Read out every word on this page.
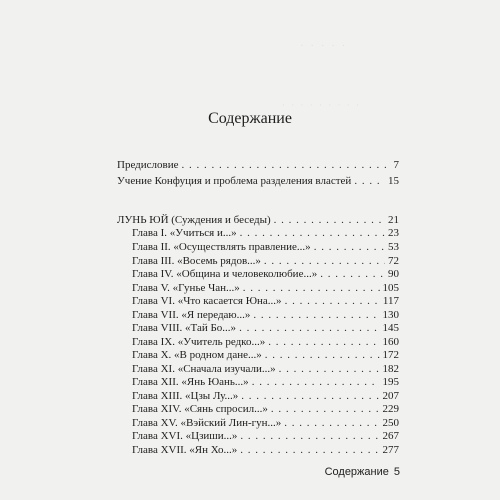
· · · · ·
· · · · · · · · ·
Содержание
Предисловие . . .	7
Учение Конфуция и проблема разделения властей . . .	15
ЛУНЬ ЮЙ (Суждения и беседы) . . .	21
Глава I. «Учиться и...» . . .	23
Глава II. «Осуществлять правление...» . . .	53
Глава III. «Восемь рядов...» . . .	72
Глава IV. «Община и человеколюбие...» . . .	90
Глава V. «Гунье Чан...» . . .	105
Глава VI. «Что касается Юна...» . . .	117
Глава VII. «Я передаю...» . . .	130
Глава VIII. «Тай Бо...» . . .	145
Глава IX. «Учитель редко...» . . .	160
Глава X. «В родном дане...» . . .	172
Глава XI. «Сначала изучали...» . . .	182
Глава XII. «Янь Юань...» . . .	195
Глава XIII. «Цзы Лу...» . . .	207
Глава XIV. «Сянь спросил...» . . .	229
Глава XV. «Вэйский Лин-гун...» . . .	250
Глава XVI. «Цзиши...» . . .	267
Глава XVII. «Ян Хо...» . . .	277
Содержание 5
